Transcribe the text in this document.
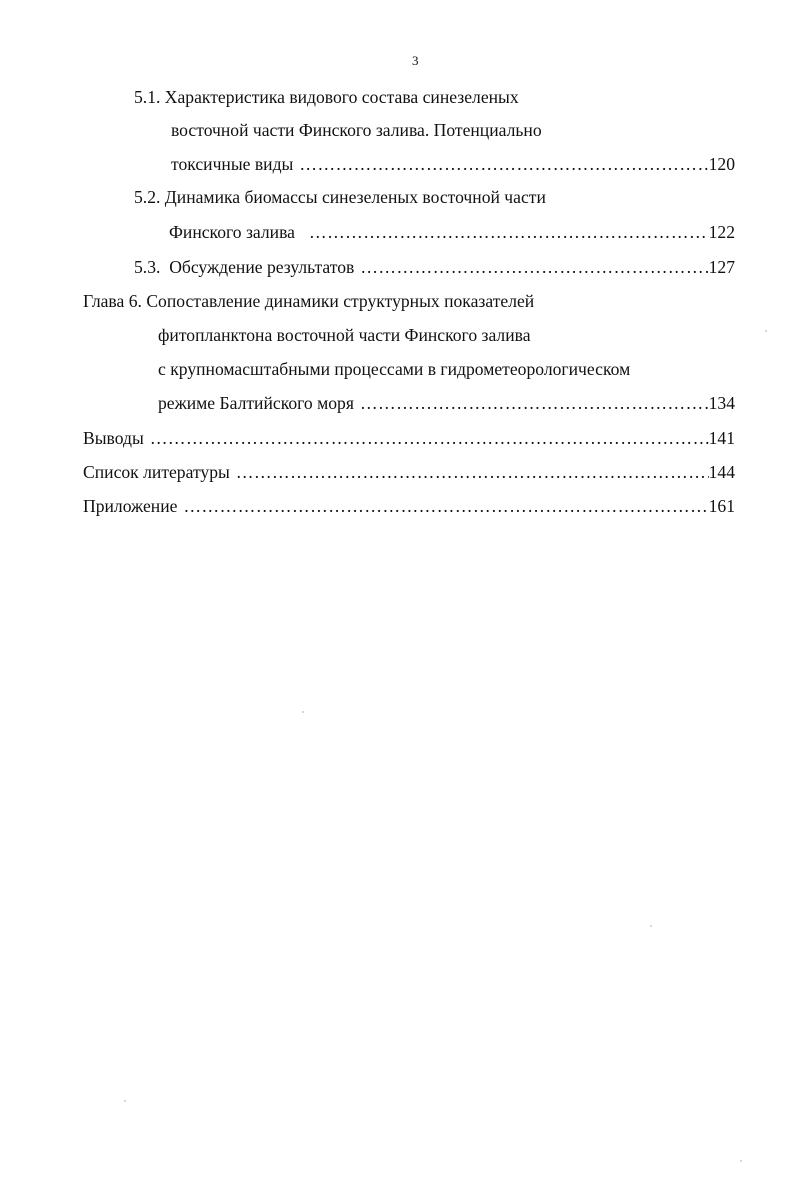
3
5.1. Характеристика видового состава синезеленых
восточной части Финского залива. Потенциально
токсичные виды ……………………………………………………………………………………………………………………………………………………………	120
5.2. Динамика биомассы синезеленых восточной части
Финского залива ……………………………………………………………………………………………………………………………………………………………	122
5.3.  Обсуждение результатов ……………………………………………………………………………………………………………………………………………………………	127
Глава 6. Сопоставление динамики структурных показателей
фитопланктона восточной части Финского залива
с крупномасштабными процессами в гидрометеорологическом
режиме Балтийского моря ……………………………………………………………………………………………………………………………………………………………	134
Выводы ……………………………………………………………………………………………………………………………………………………………	141
Список литературы ……………………………………………………………………………………………………………………………………………………………	144
Приложение ……………………………………………………………………………………………………………………………………………………………	161
